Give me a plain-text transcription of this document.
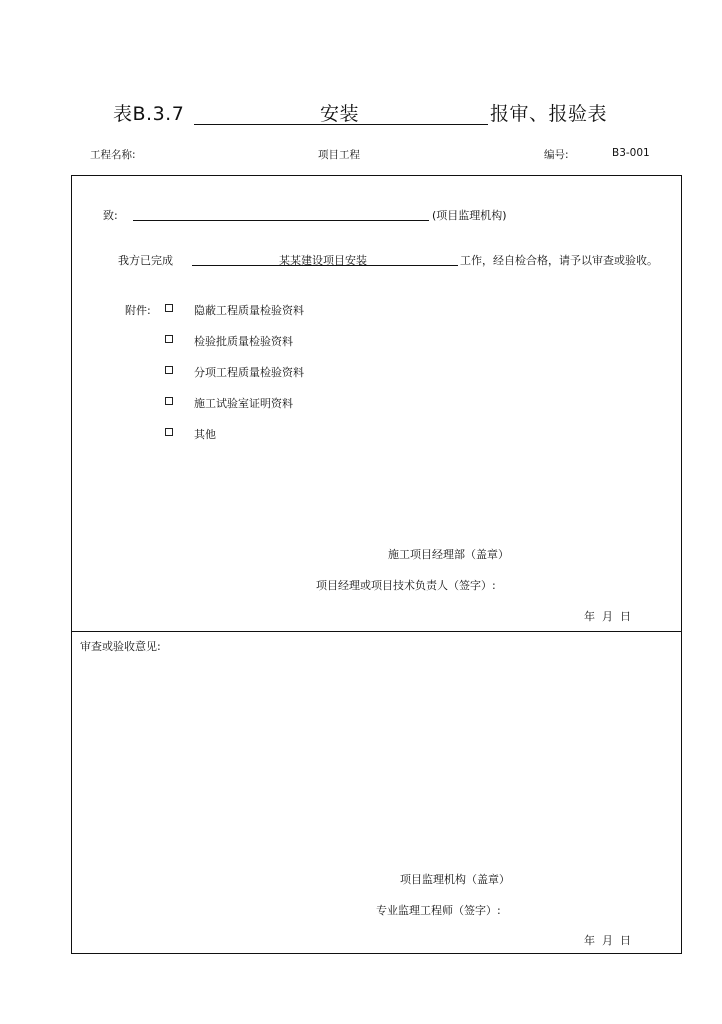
表B.3.7	安装	报审、报验表
工程名称:	项目工程	编号:	B3-001
致:	(项目监理机构)
我方已完成	某某建设项目安装	工作，经自检合格，请予以审查或验收。
附件:	隐蔽工程质量检验资料
检验批质量检验资料
分项工程质量检验资料
施工试验室证明资料
其他
施工项目经理部（盖章）
项目经理或项目技术负责人（签字）:
年  月  日
审查或验收意见:
项目监理机构（盖章）
专业监理工程师（签字）:
年  月  日
